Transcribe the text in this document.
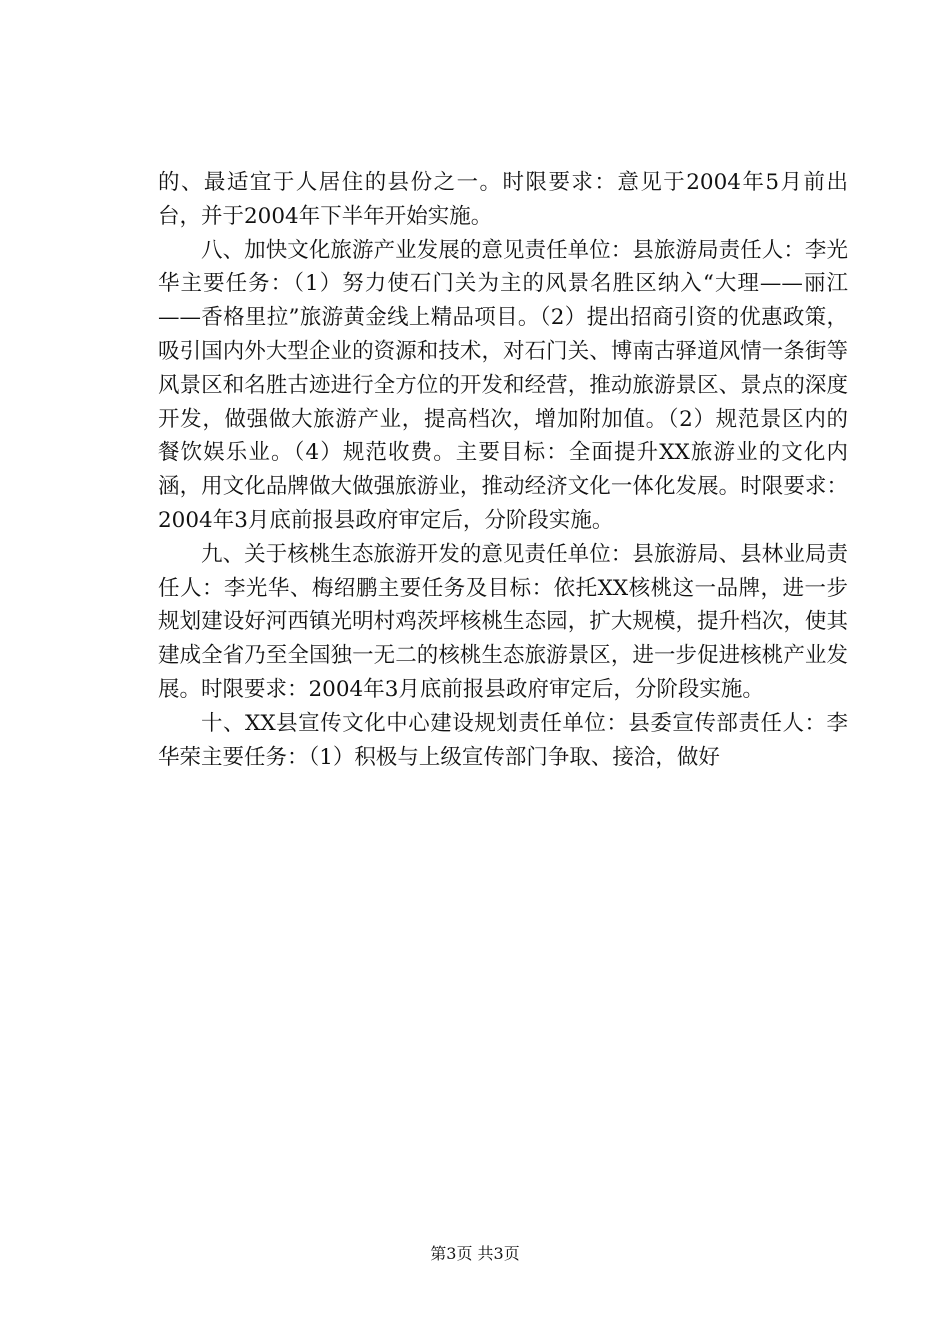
的、最适宜于人居住的县份之一。时限要求：意见于2004年5月前出台，并于2004年下半年开始实施。

八、加快文化旅游产业发展的意见责任单位：县旅游局责任人：李光华主要任务：（1）努力使石门关为主的风景名胜区纳入“大理——丽江——香格里拉”旅游黄金线上精品项目。（2）提出招商引资的优惠政策，吸引国内外大型企业的资源和技术，对石门关、博南古驿道风情一条街等风景区和名胜古迹进行全方位的开发和经营，推动旅游景区、景点的深度开发，做强做大旅游产业，提高档次，增加附加值。（2）规范景区内的餐饮娱乐业。（4）规范收费。主要目标：全面提升XX旅游业的文化内涵，用文化品牌做大做强旅游业，推动经济文化一体化发展。时限要求：2004年3月底前报县政府审定后，分阶段实施。

九、关于核桃生态旅游开发的意见责任单位：县旅游局、县林业局责任人：李光华、梅绍鹏主要任务及目标：依托XX核桃这一品牌，进一步规划建设好河西镇光明村鸡茨坪核桃生态园，扩大规模，提升档次，使其建成全省乃至全国独一无二的核桃生态旅游景区，进一步促进核桃产业发展。时限要求：2004年3月底前报县政府审定后，分阶段实施。

十、XX县宣传文化中心建设规划责任单位：县委宣传部责任人：李华荣主要任务：（1）积极与上级宣传部门争取、接洽，做好

第3页 共3页
